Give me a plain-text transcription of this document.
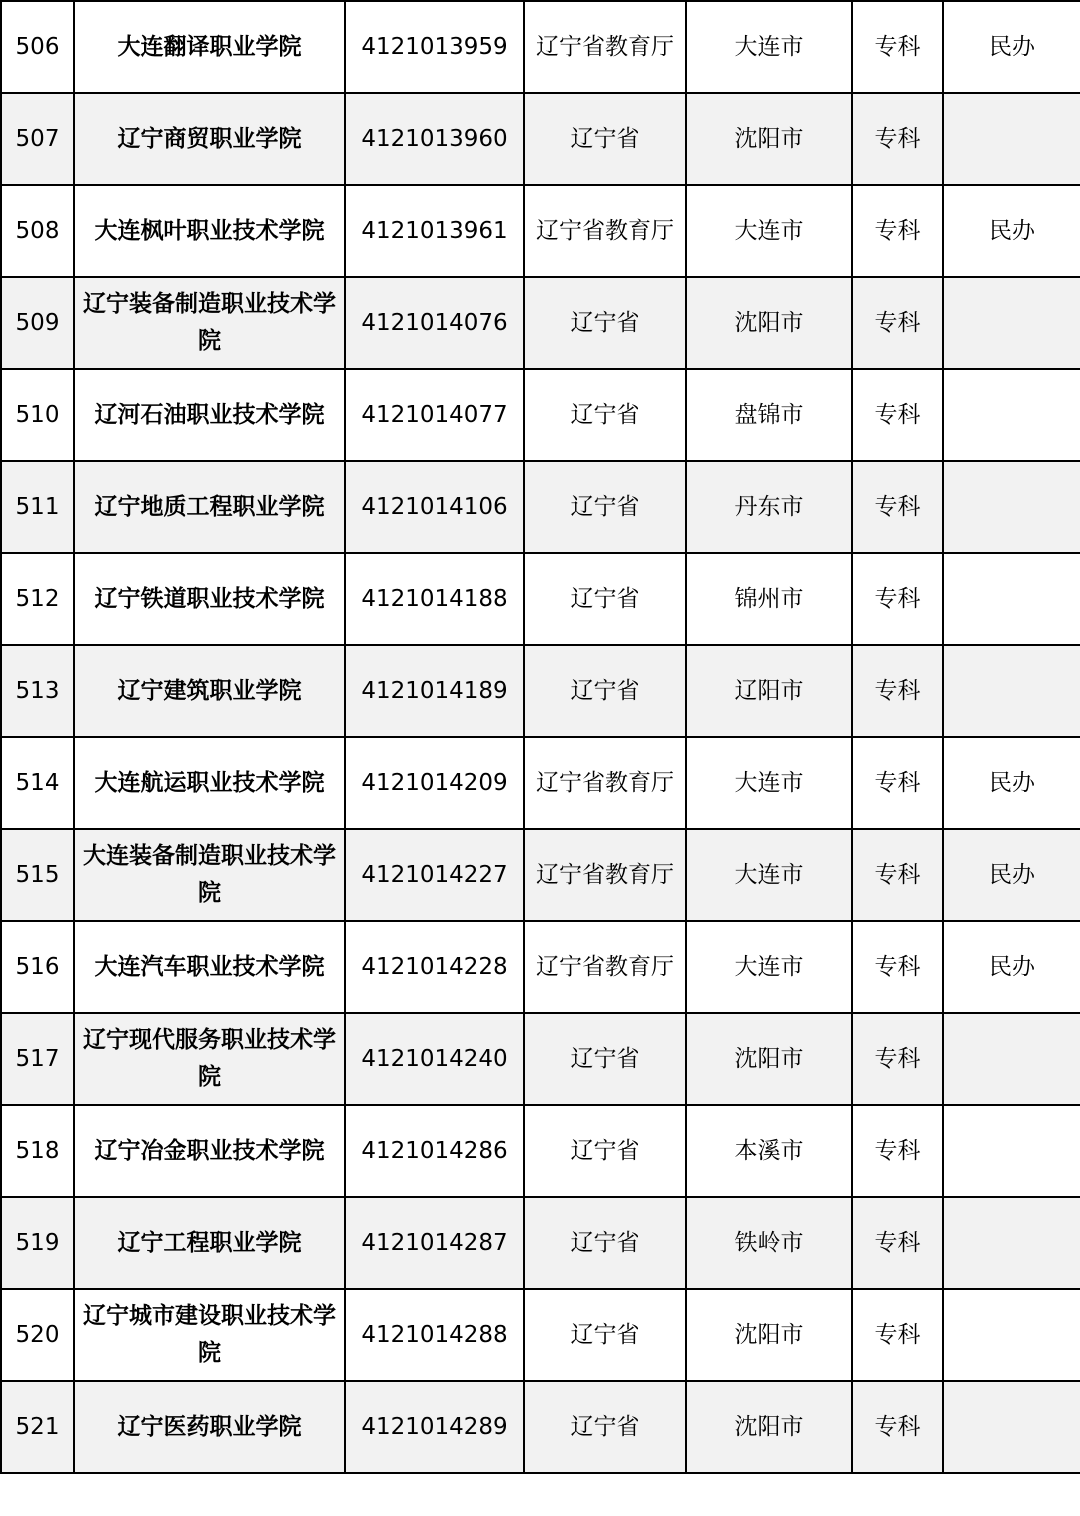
506	大连翻译职业学院	4121013959	辽宁省教育厅	大连市	专科	民办
507	辽宁商贸职业学院	4121013960	辽宁省	沈阳市	专科	
508	大连枫叶职业技术学院	4121013961	辽宁省教育厅	大连市	专科	民办
509	辽宁装备制造职业技术学院	4121014076	辽宁省	沈阳市	专科	
510	辽河石油职业技术学院	4121014077	辽宁省	盘锦市	专科	
511	辽宁地质工程职业学院	4121014106	辽宁省	丹东市	专科	
512	辽宁铁道职业技术学院	4121014188	辽宁省	锦州市	专科	
513	辽宁建筑职业学院	4121014189	辽宁省	辽阳市	专科	
514	大连航运职业技术学院	4121014209	辽宁省教育厅	大连市	专科	民办
515	大连装备制造职业技术学院	4121014227	辽宁省教育厅	大连市	专科	民办
516	大连汽车职业技术学院	4121014228	辽宁省教育厅	大连市	专科	民办
517	辽宁现代服务职业技术学院	4121014240	辽宁省	沈阳市	专科	
518	辽宁冶金职业技术学院	4121014286	辽宁省	本溪市	专科	
519	辽宁工程职业学院	4121014287	辽宁省	铁岭市	专科	
520	辽宁城市建设职业技术学院	4121014288	辽宁省	沈阳市	专科	
521	辽宁医药职业学院	4121014289	辽宁省	沈阳市	专科	
